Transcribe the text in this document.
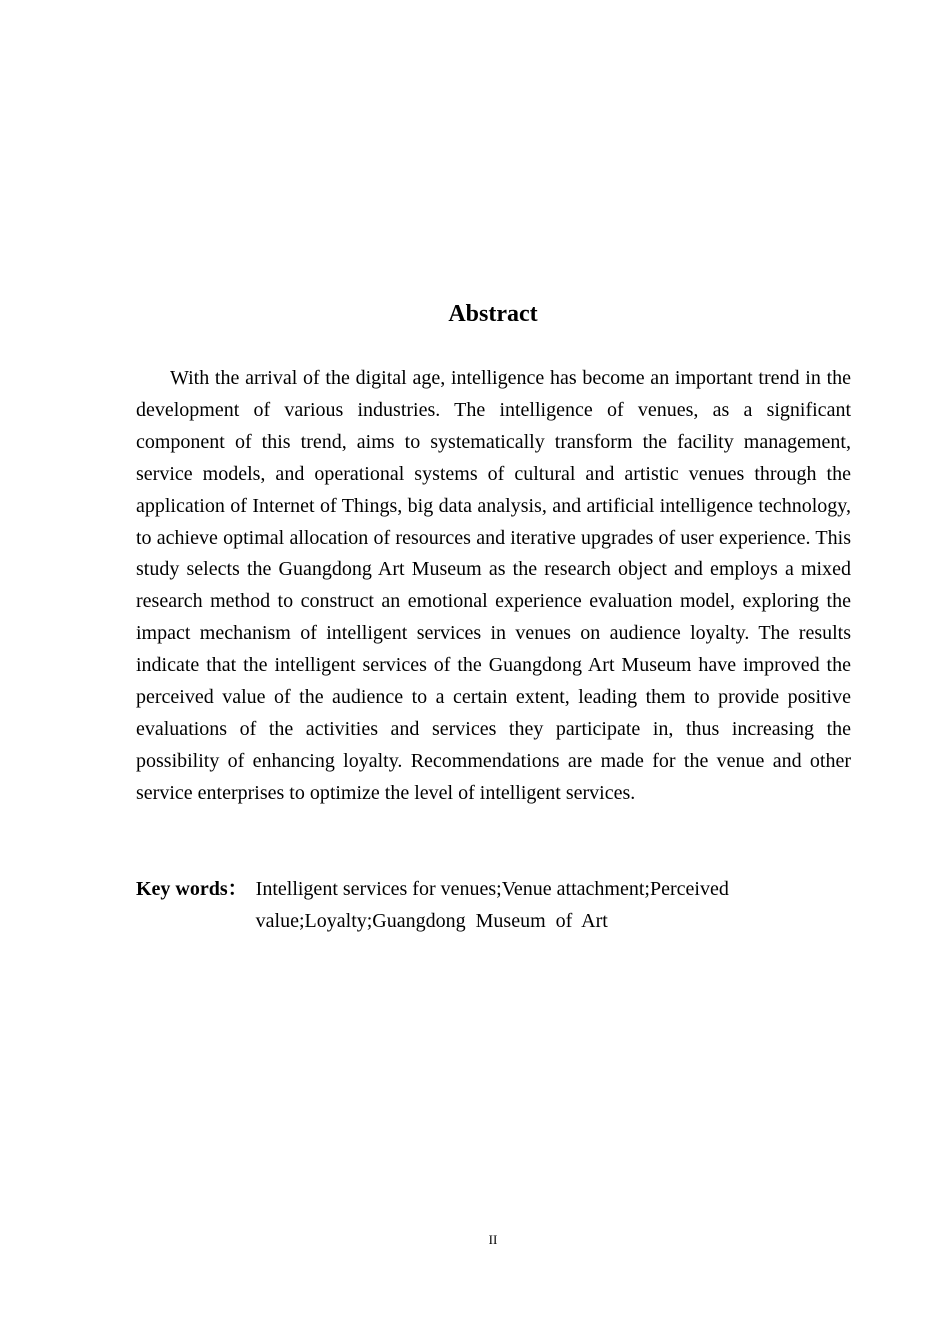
Abstract

With the arrival of the digital age, intelligence has become an important trend in the development of various industries. The intelligence of venues, as a significant component of this trend, aims to systematically transform the facility management, service models, and operational systems of cultural and artistic venues through the application of Internet of Things, big data analysis, and artificial intelligence technology, to achieve optimal allocation of resources and iterative upgrades of user experience. This study selects the Guangdong Art Museum as the research object and employs a mixed research method to construct an emotional experience evaluation model, exploring the impact mechanism of intelligent services in venues on audience loyalty. The results indicate that the intelligent services of the Guangdong Art Museum have improved the perceived value of the audience to a certain extent, leading them to provide positive evaluations of the activities and services they participate in, thus increasing the possibility of enhancing loyalty. Recommendations are made for the venue and other service enterprises to optimize the level of intelligent services.

Key words ： Intelligent services for venues;Venue attachment;Perceived value;Loyalty;Guangdong  Museum  of  Art
II
